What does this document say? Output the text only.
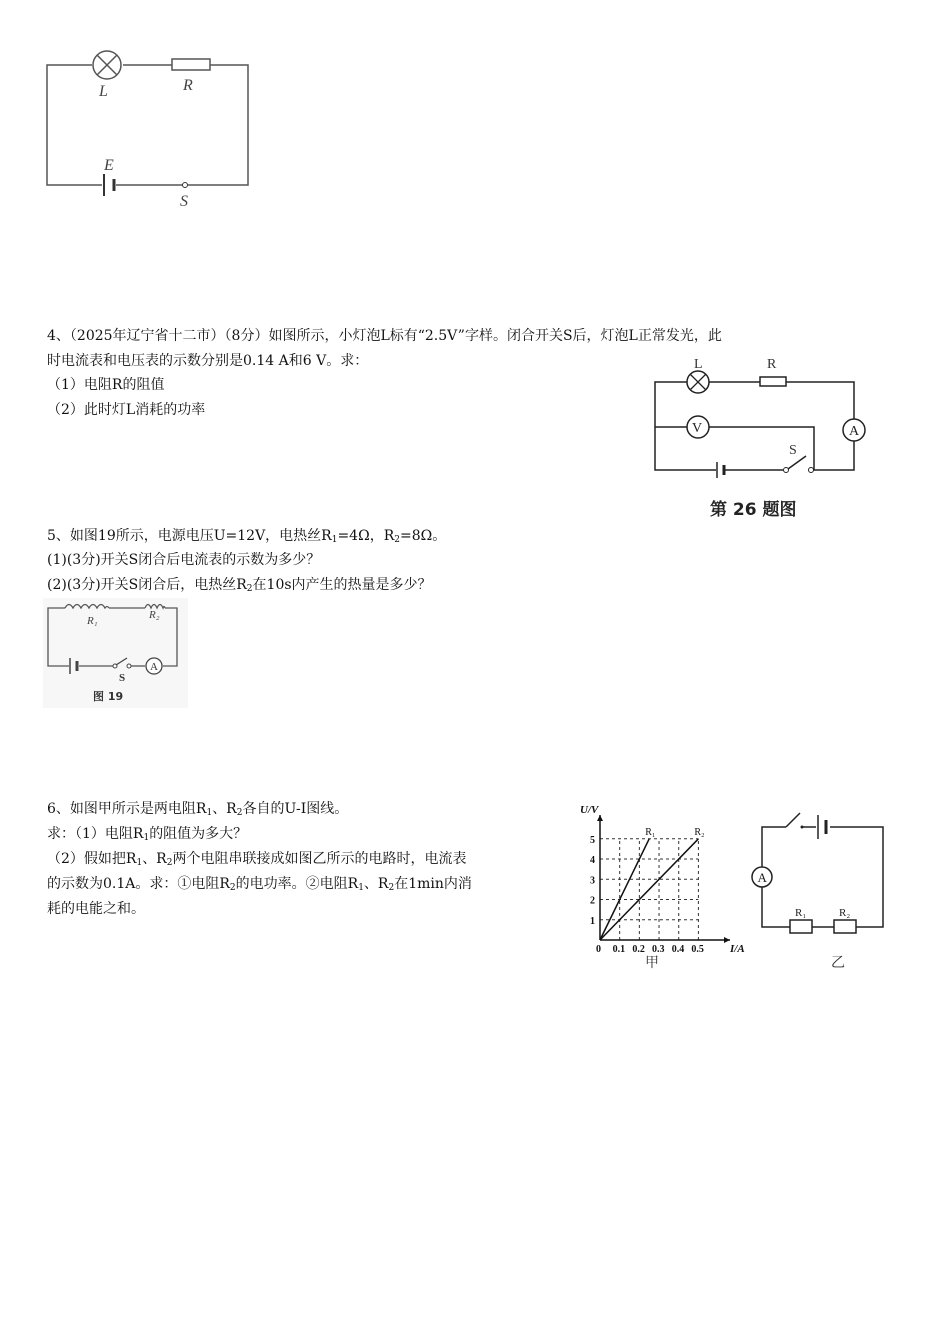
L	R
E
S
4、（2025年辽宁省十二市）（8分）如图所示，小灯泡L标有“2.5V”字样。闭合开关S后，灯泡L正常发光，此
时电流表和电压表的示数分别是0.14 A和6 V。求：
（1）电阻R的阻值
（2）此时灯L消耗的功率
V	A
L	R
S
第 26 题图
5、如图19所示，电源电压U=12V，电热丝$R_1=4\Omega$，$R_2=8\Omega$。
(1)(3分)开关S闭合后电流表的示数为多少？
(2)(3分)开关S闭合后，电热丝$R_2$在10s内产生的热量是多少？
A
R₁	R₂
S
图 19
6、如图甲所示是两电阻$R_1$、$R_2$各自的U-I图线。
求：（1）电阻$R_1$的阻值为多大？
（2）假如把$R_1$、$R_2$两个电阻串联接成如图乙所示的电路时，电流表
的示数为0.1A。求：①电阻$R_2$的电功率。②电阻$R_1$、$R_2$在1min内消
耗的电能之和。
0 0.1 0.2 0.3 0.4 0.5
1
2
3
4
5
I/A
U/V
R₁	R₂
甲
A
R₁	R₂
乙
